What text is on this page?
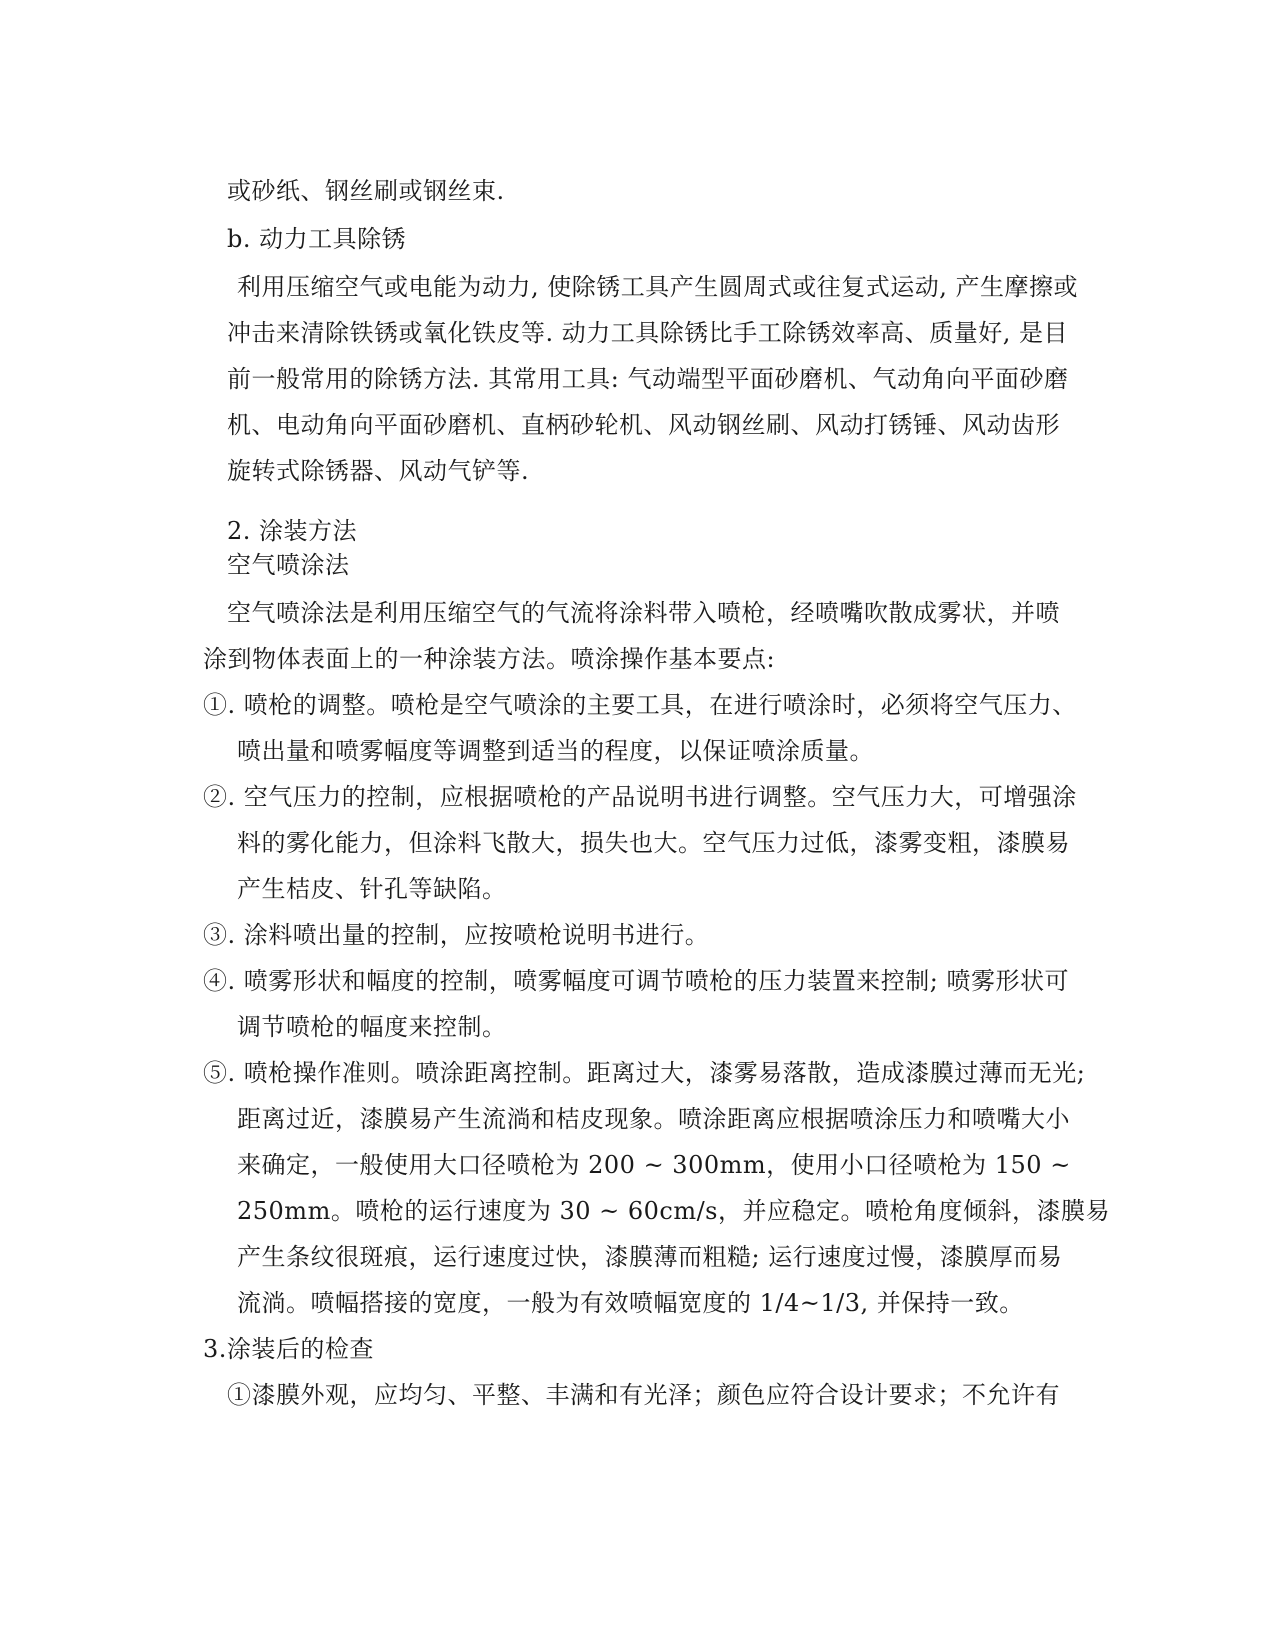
或砂纸、钢丝刷或钢丝束.
b. 动力工具除锈
利用压缩空气或电能为动力, 使除锈工具产生圆周式或往复式运动, 产生摩擦或
冲击来清除铁锈或氧化铁皮等. 动力工具除锈比手工除锈效率高、质量好, 是目
前一般常用的除锈方法. 其常用工具: 气动端型平面砂磨机、气动角向平面砂磨
机、电动角向平面砂磨机、直柄砂轮机、风动钢丝刷、风动打锈锤、风动齿形
旋转式除锈器、风动气铲等.
2. 涂装方法
空气喷涂法
空气喷涂法是利用压缩空气的气流将涂料带入喷枪，经喷嘴吹散成雾状，并喷
涂到物体表面上的一种涂装方法。喷涂操作基本要点:
①. 喷枪的调整。喷枪是空气喷涂的主要工具，在进行喷涂时，必须将空气压力、
喷出量和喷雾幅度等调整到适当的程度，以保证喷涂质量。
②. 空气压力的控制，应根据喷枪的产品说明书进行调整。空气压力大，可增强涂
料的雾化能力，但涂料飞散大，损失也大。空气压力过低，漆雾变粗，漆膜易
产生桔皮、针孔等缺陷。
③. 涂料喷出量的控制，应按喷枪说明书进行。
④. 喷雾形状和幅度的控制，喷雾幅度可调节喷枪的压力装置来控制; 喷雾形状可
调节喷枪的幅度来控制。
⑤. 喷枪操作准则。喷涂距离控制。距离过大，漆雾易落散，造成漆膜过薄而无光;
距离过近，漆膜易产生流淌和桔皮现象。喷涂距离应根据喷涂压力和喷嘴大小
来确定，一般使用大口径喷枪为 200 ~ 300mm，使用小口径喷枪为 150 ~
250mm。喷枪的运行速度为 30 ~ 60cm/s，并应稳定。喷枪角度倾斜，漆膜易
产生条纹很斑痕，运行速度过快，漆膜薄而粗糙; 运行速度过慢，漆膜厚而易
流淌。喷幅搭接的宽度，一般为有效喷幅宽度的 1/4~1/3, 并保持一致。
3.涂装后的检查
①漆膜外观，应均匀、平整、丰满和有光泽；颜色应符合设计要求；不允许有
